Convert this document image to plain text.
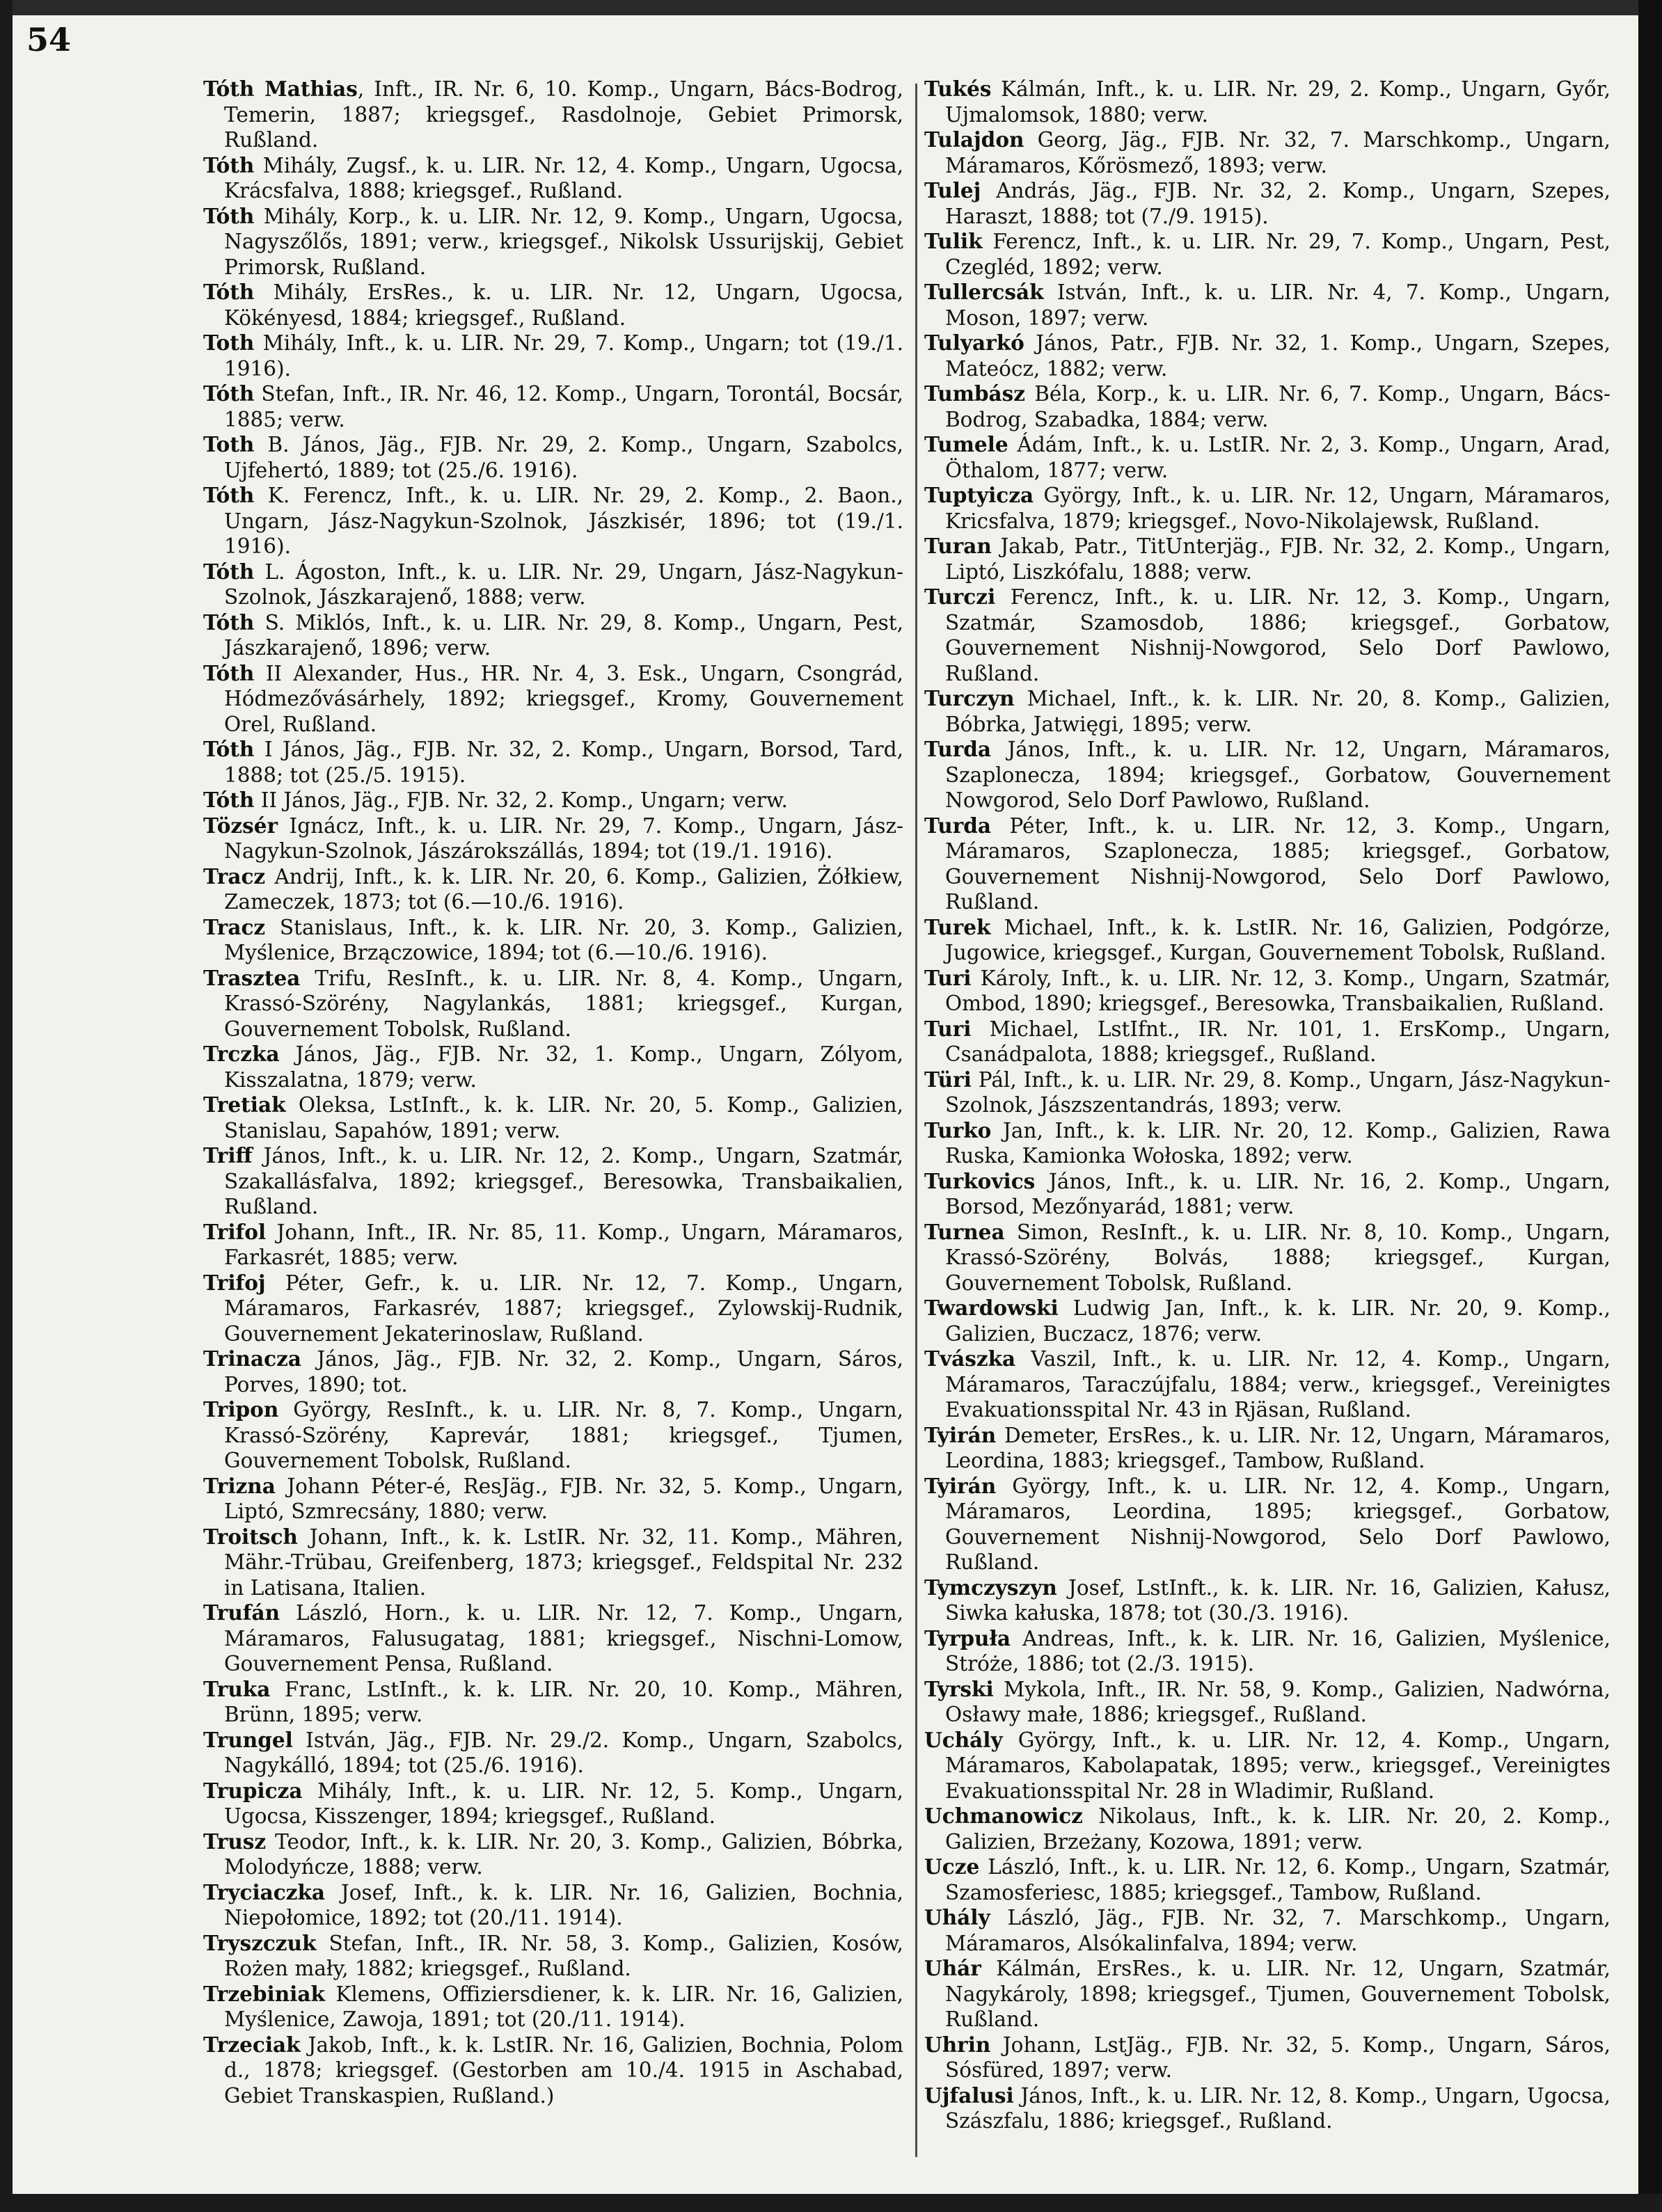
54

Tóth Mathias, Inft., IR. Nr. 6, 10. Komp., Ungarn, Bács-Bodrog, Temerin, 1887; kriegsgef., Rasdolnoje, Gebiet Primorsk, Rußland.

Tóth Mihály, Zugsf., k. u. LIR. Nr. 12, 4. Komp., Ungarn, Ugocsa, Krácsfalva, 1888; kriegsgef., Rußland.

Tóth Mihály, Korp., k. u. LIR. Nr. 12, 9. Komp., Ungarn, Ugocsa, Nagyszőlős, 1891; verw., kriegsgef., Nikolsk Ussurijskij, Gebiet Primorsk, Rußland.

Tóth Mihály, ErsRes., k. u. LIR. Nr. 12, Ungarn, Ugocsa, Kökényesd, 1884; kriegsgef., Rußland.

Toth Mihály, Inft., k. u. LIR. Nr. 29, 7. Komp., Ungarn; tot (19./1. 1916).

Tóth Stefan, Inft., IR. Nr. 46, 12. Komp., Ungarn, Torontál, Bocsár, 1885; verw.

Toth B. János, Jäg., FJB. Nr. 29, 2. Komp., Ungarn, Szabolcs, Ujfehertó, 1889; tot (25./6. 1916).

Tóth K. Ferencz, Inft., k. u. LIR. Nr. 29, 2. Komp., 2. Baon., Ungarn, Jász-Nagykun-Szolnok, Jászkisér, 1896; tot (19./1. 1916).

Tóth L. Ágoston, Inft., k. u. LIR. Nr. 29, Ungarn, Jász-Nagykun-Szolnok, Jászkarajenő, 1888; verw.

Tóth S. Miklós, Inft., k. u. LIR. Nr. 29, 8. Komp., Ungarn, Pest, Jászkarajenő, 1896; verw.

Tóth II Alexander, Hus., HR. Nr. 4, 3. Esk., Ungarn, Csongrád, Hódmezővásárhely, 1892; kriegsgef., Kromy, Gouvernement Orel, Rußland.

Tóth I János, Jäg., FJB. Nr. 32, 2. Komp., Ungarn, Borsod, Tard, 1888; tot (25./5. 1915).

Tóth II János, Jäg., FJB. Nr. 32, 2. Komp., Ungarn; verw.

Tözsér Ignácz, Inft., k. u. LIR. Nr. 29, 7. Komp., Ungarn, Jász-Nagykun-Szolnok, Jászárokszállás, 1894; tot (19./1. 1916).

Tracz Andrij, Inft., k. k. LIR. Nr. 20, 6. Komp., Galizien, Żółkiew, Zameczek, 1873; tot (6.—10./6. 1916).

Tracz Stanislaus, Inft., k. k. LIR. Nr. 20, 3. Komp., Galizien, Myślenice, Brzączowice, 1894; tot (6.—10./6. 1916).

Trasztea Trifu, ResInft., k. u. LIR. Nr. 8, 4. Komp., Ungarn, Krassó-Szörény, Nagylankás, 1881; kriegsgef., Kurgan, Gouvernement Tobolsk, Rußland.

Trczka János, Jäg., FJB. Nr. 32, 1. Komp., Ungarn, Zólyom, Kisszalatna, 1879; verw.

Tretiak Oleksa, LstInft., k. k. LIR. Nr. 20, 5. Komp., Galizien, Stanislau, Sapahów, 1891; verw.

Triff János, Inft., k. u. LIR. Nr. 12, 2. Komp., Ungarn, Szatmár, Szakallásfalva, 1892; kriegsgef., Beresowka, Transbaikalien, Rußland.

Trifol Johann, Inft., IR. Nr. 85, 11. Komp., Ungarn, Máramaros, Farkasrét, 1885; verw.

Trifoj Péter, Gefr., k. u. LIR. Nr. 12, 7. Komp., Ungarn, Máramaros, Farkasrév, 1887; kriegsgef., Zylowskij-Rudnik, Gouvernement Jekaterinoslaw, Rußland.

Trinacza János, Jäg., FJB. Nr. 32, 2. Komp., Ungarn, Sáros, Porves, 1890; tot.

Tripon György, ResInft., k. u. LIR. Nr. 8, 7. Komp., Ungarn, Krassó-Szörény, Kaprevár, 1881; kriegsgef., Tjumen, Gouvernement Tobolsk, Rußland.

Trizna Johann Péter-é, ResJäg., FJB. Nr. 32, 5. Komp., Ungarn, Liptó, Szmrecsány, 1880; verw.

Troitsch Johann, Inft., k. k. LstIR. Nr. 32, 11. Komp., Mähren, Mähr.-Trübau, Greifenberg, 1873; kriegsgef., Feldspital Nr. 232 in Latisana, Italien.

Trufán László, Horn., k. u. LIR. Nr. 12, 7. Komp., Ungarn, Máramaros, Falusugatag, 1881; kriegsgef., Nischni-Lomow, Gouvernement Pensa, Rußland.

Truka Franc, LstInft., k. k. LIR. Nr. 20, 10. Komp., Mähren, Brünn, 1895; verw.

Trungel István, Jäg., FJB. Nr. 29./2. Komp., Ungarn, Szabolcs, Nagykálló, 1894; tot (25./6. 1916).

Trupicza Mihály, Inft., k. u. LIR. Nr. 12, 5. Komp., Ungarn, Ugocsa, Kisszenger, 1894; kriegsgef., Rußland.

Trusz Teodor, Inft., k. k. LIR. Nr. 20, 3. Komp., Galizien, Bóbrka, Molodyńcze, 1888; verw.

Tryciaczka Josef, Inft., k. k. LIR. Nr. 16, Galizien, Bochnia, Niepołomice, 1892; tot (20./11. 1914).

Tryszczuk Stefan, Inft., IR. Nr. 58, 3. Komp., Galizien, Kosów, Rożen mały, 1882; kriegsgef., Rußland.

Trzebiniak Klemens, Offiziersdiener, k. k. LIR. Nr. 16, Galizien, Myślenice, Zawoja, 1891; tot (20./11. 1914).

Trzeciak Jakob, Inft., k. k. LstIR. Nr. 16, Galizien, Bochnia, Polom d., 1878; kriegsgef. (Gestorben am 10./4. 1915 in Aschabad, Gebiet Transkaspien, Rußland.)

Tukés Kálmán, Inft., k. u. LIR. Nr. 29, 2. Komp., Ungarn, Győr, Ujmalomsok, 1880; verw.

Tulajdon Georg, Jäg., FJB. Nr. 32, 7. Marschkomp., Ungarn, Máramaros, Kőrösmező, 1893; verw.

Tulej András, Jäg., FJB. Nr. 32, 2. Komp., Ungarn, Szepes, Haraszt, 1888; tot (7./9. 1915).

Tulik Ferencz, Inft., k. u. LIR. Nr. 29, 7. Komp., Ungarn, Pest, Czegléd, 1892; verw.

Tullercsák István, Inft., k. u. LIR. Nr. 4, 7. Komp., Ungarn, Moson, 1897; verw.

Tulyarkó János, Patr., FJB. Nr. 32, 1. Komp., Ungarn, Szepes, Mateócz, 1882; verw.

Tumbász Béla, Korp., k. u. LIR. Nr. 6, 7. Komp., Ungarn, Bács-Bodrog, Szabadka, 1884; verw.

Tumele Ádám, Inft., k. u. LstIR. Nr. 2, 3. Komp., Ungarn, Arad, Öthalom, 1877; verw.

Tuptyicza György, Inft., k. u. LIR. Nr. 12, Ungarn, Máramaros, Kricsfalva, 1879; kriegsgef., Novo-Nikolajewsk, Rußland.

Turan Jakab, Patr., TitUnterjäg., FJB. Nr. 32, 2. Komp., Ungarn, Liptó, Liszkófalu, 1888; verw.

Turczi Ferencz, Inft., k. u. LIR. Nr. 12, 3. Komp., Ungarn, Szatmár, Szamosdob, 1886; kriegsgef., Gorbatow, Gouvernement Nishnij-Nowgorod, Selo Dorf Pawlowo, Rußland.

Turczyn Michael, Inft., k. k. LIR. Nr. 20, 8. Komp., Galizien, Bóbrka, Jatwięgi, 1895; verw.

Turda János, Inft., k. u. LIR. Nr. 12, Ungarn, Máramaros, Szaplonecza, 1894; kriegsgef., Gorbatow, Gouvernement Nowgorod, Selo Dorf Pawlowo, Rußland.

Turda Péter, Inft., k. u. LIR. Nr. 12, 3. Komp., Ungarn, Máramaros, Szaplonecza, 1885; kriegsgef., Gorbatow, Gouvernement Nishnij-Nowgorod, Selo Dorf Pawlowo, Rußland.

Turek Michael, Inft., k. k. LstIR. Nr. 16, Galizien, Podgórze, Jugowice, kriegsgef., Kurgan, Gouvernement Tobolsk, Rußland.

Turi Károly, Inft., k. u. LIR. Nr. 12, 3. Komp., Ungarn, Szatmár, Ombod, 1890; kriegsgef., Beresowka, Transbaikalien, Rußland.

Turi Michael, LstIfnt., IR. Nr. 101, 1. ErsKomp., Ungarn, Csanádpalota, 1888; kriegsgef., Rußland.

Türi Pál, Inft., k. u. LIR. Nr. 29, 8. Komp., Ungarn, Jász-Nagykun-Szolnok, Jászszentandrás, 1893; verw.

Turko Jan, Inft., k. k. LIR. Nr. 20, 12. Komp., Galizien, Rawa Ruska, Kamionka Wołoska, 1892; verw.

Turkovics János, Inft., k. u. LIR. Nr. 16, 2. Komp., Ungarn, Borsod, Mezőnyarád, 1881; verw.

Turnea Simon, ResInft., k. u. LIR. Nr. 8, 10. Komp., Ungarn, Krassó-Szörény, Bolvás, 1888; kriegsgef., Kurgan, Gouvernement Tobolsk, Rußland.

Twardowski Ludwig Jan, Inft., k. k. LIR. Nr. 20, 9. Komp., Galizien, Buczacz, 1876; verw.

Tvászka Vaszil, Inft., k. u. LIR. Nr. 12, 4. Komp., Ungarn, Máramaros, Taraczújfalu, 1884; verw., kriegsgef., Vereinigtes Evakuationsspital Nr. 43 in Rjäsan, Rußland.

Tyirán Demeter, ErsRes., k. u. LIR. Nr. 12, Ungarn, Máramaros, Leordina, 1883; kriegsgef., Tambow, Rußland.

Tyirán György, Inft., k. u. LIR. Nr. 12, 4. Komp., Ungarn, Máramaros, Leordina, 1895; kriegsgef., Gorbatow, Gouvernement Nishnij-Nowgorod, Selo Dorf Pawlowo, Rußland.

Tymczyszyn Josef, LstInft., k. k. LIR. Nr. 16, Galizien, Kałusz, Siwka kałuska, 1878; tot (30./3. 1916).

Tyrpuła Andreas, Inft., k. k. LIR. Nr. 16, Galizien, Myślenice, Stróże, 1886; tot (2./3. 1915).

Tyrski Mykola, Inft., IR. Nr. 58, 9. Komp., Galizien, Nadwórna, Osławy małe, 1886; kriegsgef., Rußland.

Uchály György, Inft., k. u. LIR. Nr. 12, 4. Komp., Ungarn, Máramaros, Kabolapatak, 1895; verw., kriegsgef., Vereinigtes Evakuationsspital Nr. 28 in Wladimir, Rußland.

Uchmanowicz Nikolaus, Inft., k. k. LIR. Nr. 20, 2. Komp., Galizien, Brzeżany, Kozowa, 1891; verw.

Ucze László, Inft., k. u. LIR. Nr. 12, 6. Komp., Ungarn, Szatmár, Szamosferiesc, 1885; kriegsgef., Tambow, Rußland.

Uhály László, Jäg., FJB. Nr. 32, 7. Marschkomp., Ungarn, Máramaros, Alsókalinfalva, 1894; verw.

Uhár Kálmán, ErsRes., k. u. LIR. Nr. 12, Ungarn, Szatmár, Nagykároly, 1898; kriegsgef., Tjumen, Gouvernement Tobolsk, Rußland.

Uhrin Johann, LstJäg., FJB. Nr. 32, 5. Komp., Ungarn, Sáros, Sósfüred, 1897; verw.

Ujfalusi János, Inft., k. u. LIR. Nr. 12, 8. Komp., Ungarn, Ugocsa, Szászfalu, 1886; kriegsgef., Rußland.
